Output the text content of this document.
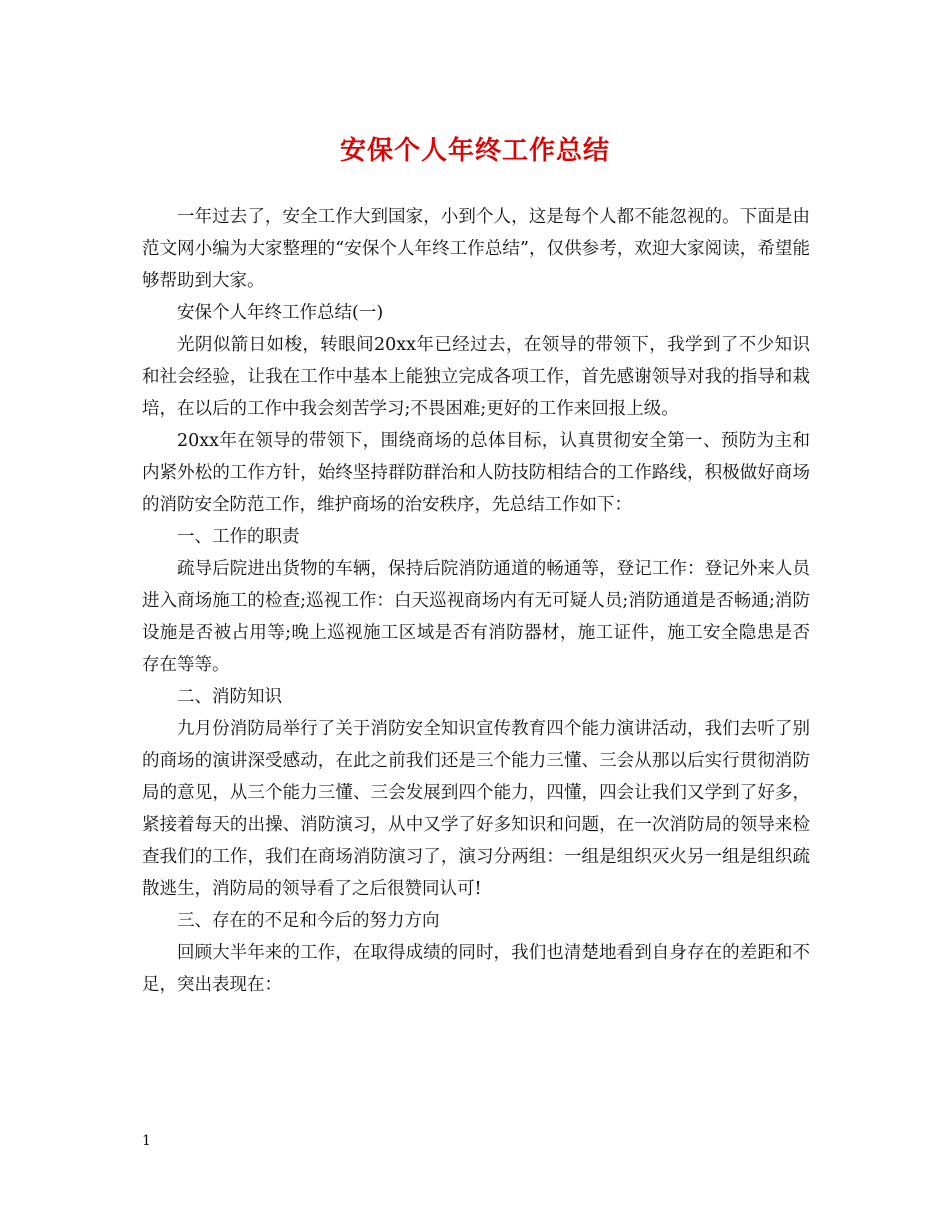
安保个人年终工作总结

一年过去了，安全工作大到国家，小到个人，这是每个人都不能忽视的。下面是由范文网小编为大家整理的“安保个人年终工作总结”，仅供参考，欢迎大家阅读，希望能够帮助到大家。

安保个人年终工作总结(一)

光阴似箭日如梭，转眼间20xx年已经过去，在领导的带领下，我学到了不少知识和社会经验，让我在工作中基本上能独立完成各项工作，首先感谢领导对我的指导和栽培，在以后的工作中我会刻苦学习;不畏困难;更好的工作来回报上级。

20xx年在领导的带领下，围绕商场的总体目标，认真贯彻安全第一、预防为主和内紧外松的工作方针，始终坚持群防群治和人防技防相结合的工作路线，积极做好商场的消防安全防范工作，维护商场的治安秩序，先总结工作如下：

一、工作的职责

疏导后院进出货物的车辆，保持后院消防通道的畅通等，登记工作：登记外来人员进入商场施工的检查;巡视工作：白天巡视商场内有无可疑人员;消防通道是否畅通;消防设施是否被占用等;晚上巡视施工区域是否有消防器材，施工证件，施工安全隐患是否存在等等。

二、消防知识

九月份消防局举行了关于消防安全知识宣传教育四个能力演讲活动，我们去听了别的商场的演讲深受感动，在此之前我们还是三个能力三懂、三会从那以后实行贯彻消防局的意见，从三个能力三懂、三会发展到四个能力，四懂，四会让我们又学到了好多，紧接着每天的出操、消防演习，从中又学了好多知识和问题，在一次消防局的领导来检查我们的工作，我们在商场消防演习了，演习分两组：一组是组织灭火另一组是组织疏散逃生，消防局的领导看了之后很赞同认可!

三、存在的不足和今后的努力方向

回顾大半年来的工作，在取得成绩的同时，我们也清楚地看到自身存在的差距和不足，突出表现在：

1
